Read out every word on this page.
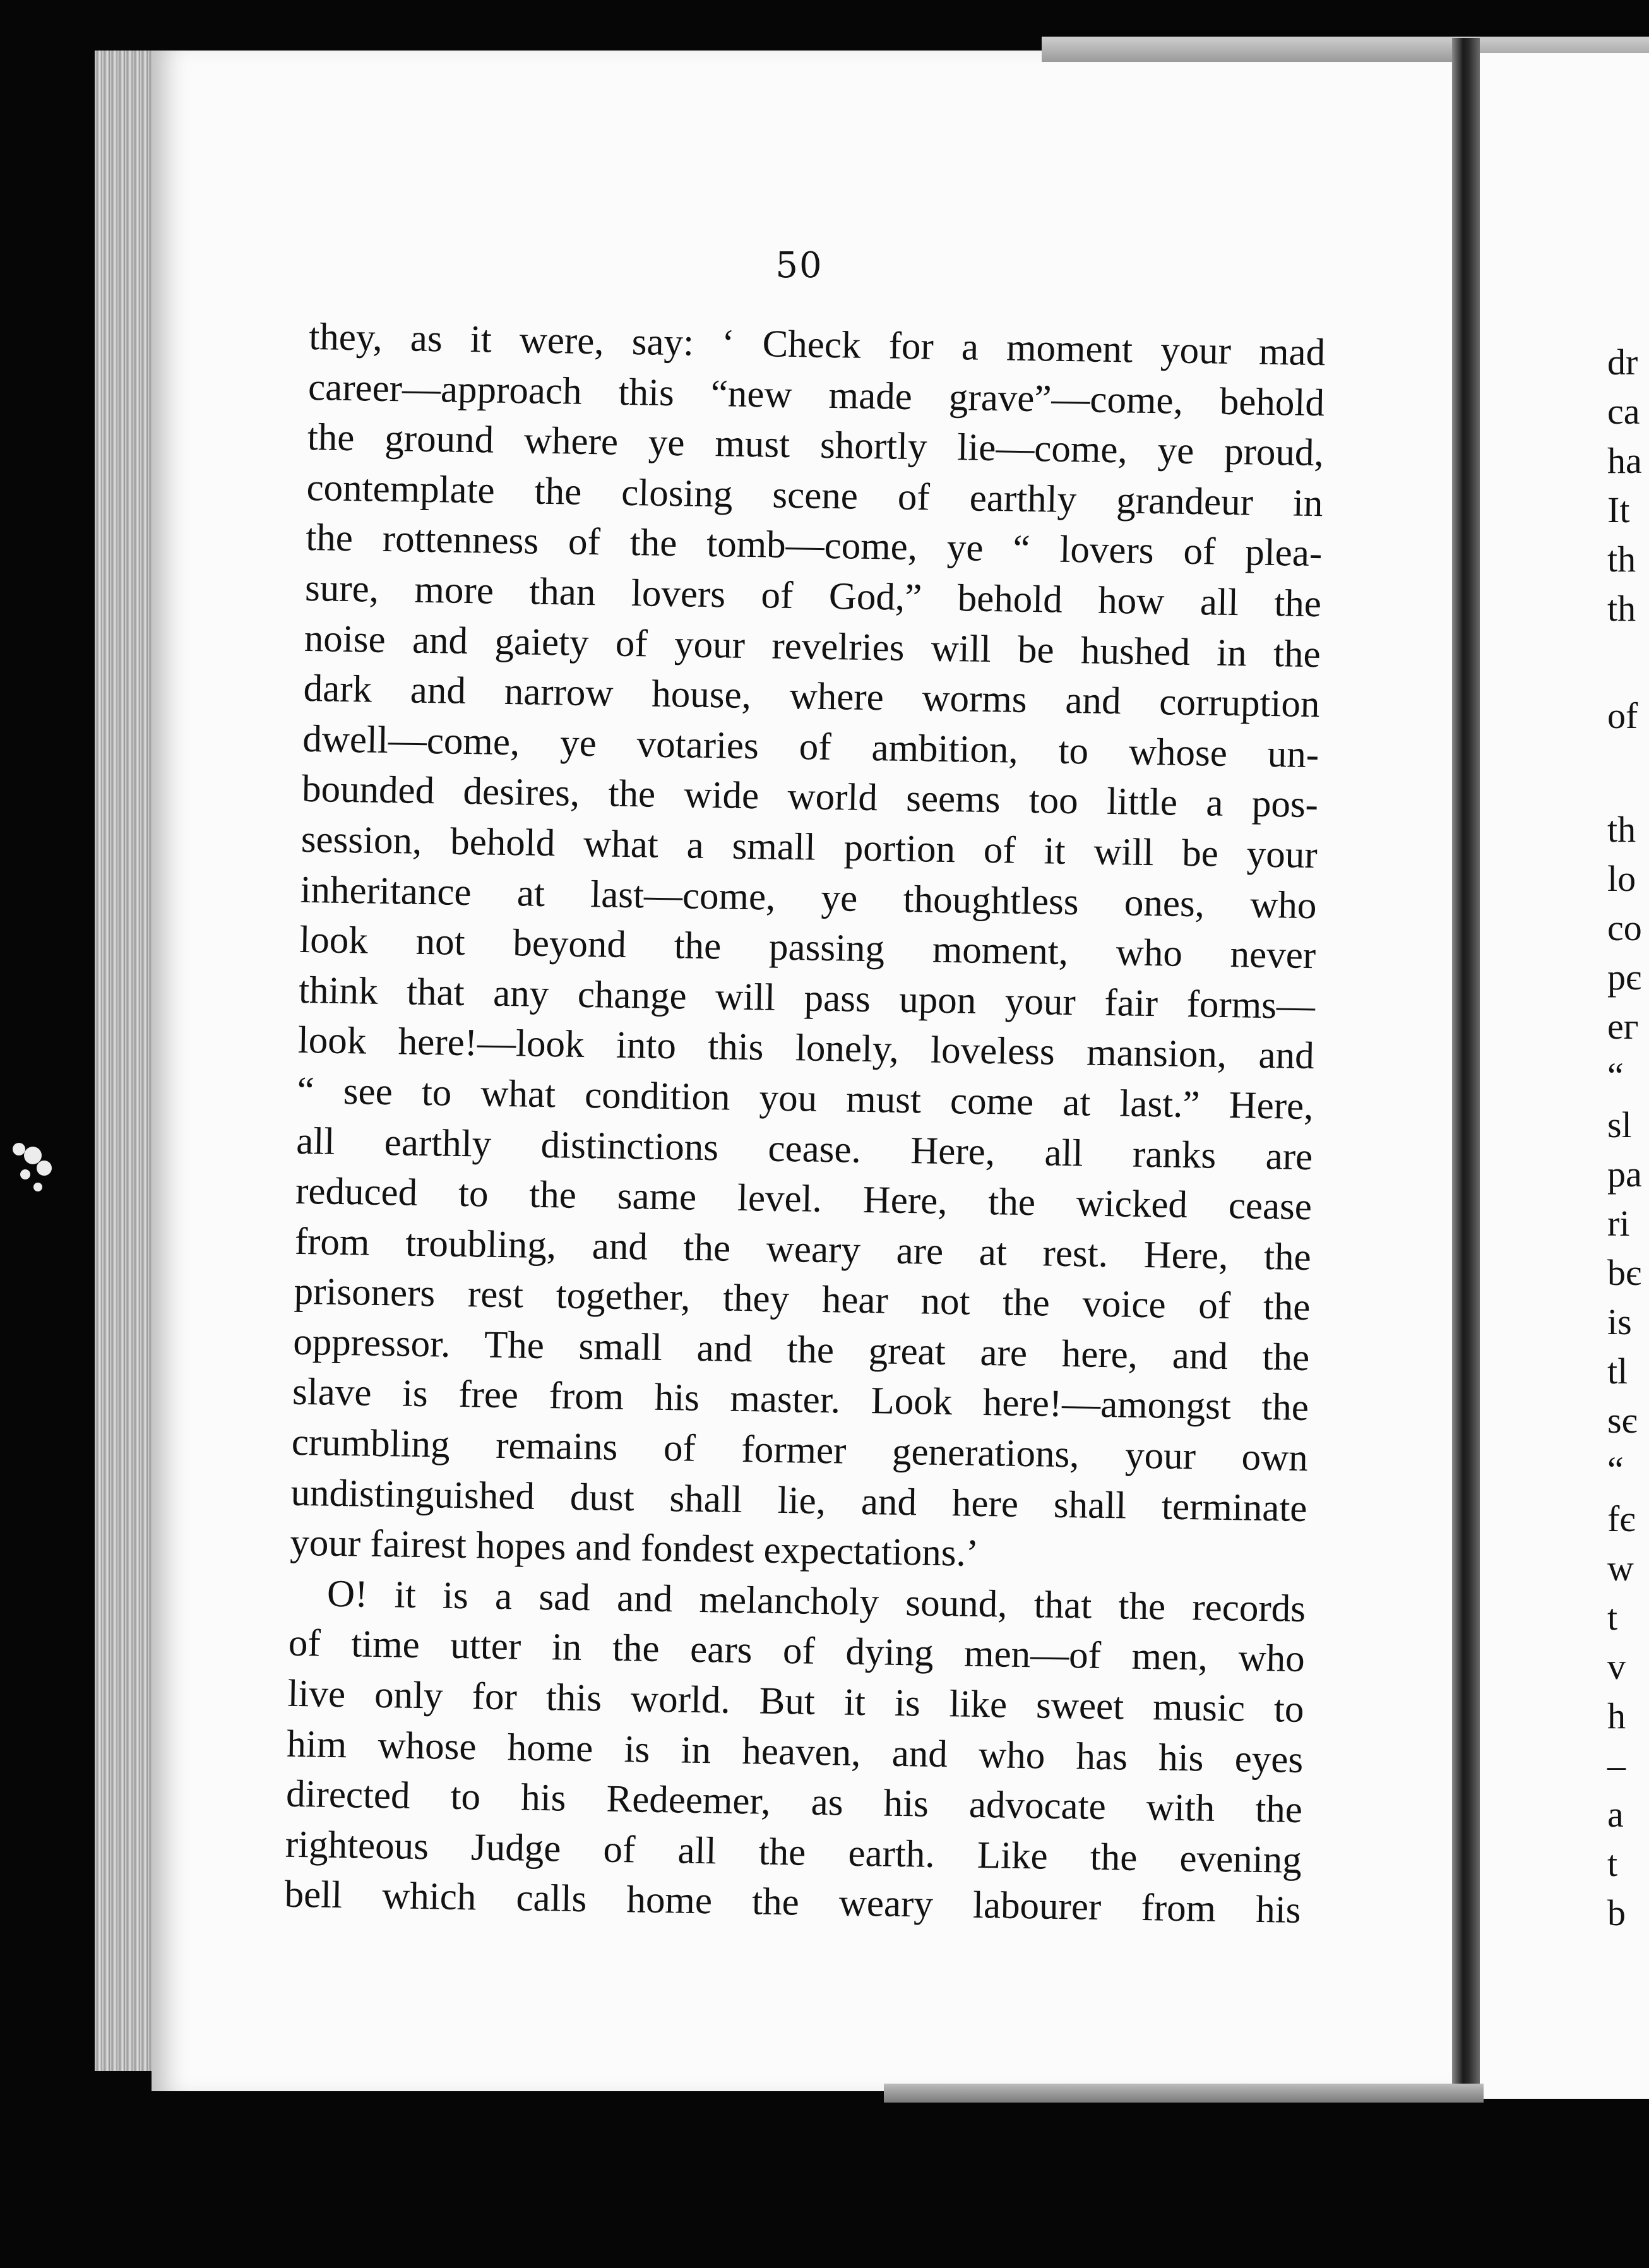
50
they, as it were, say: ‘ Check for a moment your mad
career—approach this “new made grave”—come, behold
the ground where ye must shortly lie—come, ye proud,
contemplate the closing scene of earthly grandeur in
the rottenness of the tomb—come, ye “ lovers of plea-
sure, more than lovers of God,” behold how all the
noise and gaiety of your revelries will be hushed in the
dark and narrow house, where worms and corruption
dwell—come, ye votaries of ambition, to whose un-
bounded desires, the wide world seems too little a pos-
session, behold what a small portion of it will be your
inheritance at last—come, ye thoughtless ones, who
look not beyond the passing moment, who never
think that any change will pass upon your fair forms—
look here!—look into this lonely, loveless mansion, and
“ see to what condition you must come at last.” Here,
all earthly distinctions cease. Here, all ranks are
reduced to the same level. Here, the wicked cease
from troubling, and the weary are at rest. Here, the
prisoners rest together, they hear not the voice of the
oppressor. The small and the great are here, and the
slave is free from his master. Look here!—amongst the
crumbling remains of former generations, your own
undistinguished dust shall lie, and here shall terminate
your fairest hopes and fondest expectations.’
O! it is a sad and melancholy sound, that the records
of time utter in the ears of dying men—of men, who
live only for this world. But it is like sweet music to
him whose home is in heaven, and who has his eyes
directed to his Redeemer, as his advocate with the
righteous Judge of all the earth. Like the evening
bell which calls home the weary labourer from his
dr
ca
ha
It
th
th
of
th
lo
co
pє
eг
“
sl
pa
ri
bє
is
tl
sє
“
fє
w
t
v
h
–
a
t
b
